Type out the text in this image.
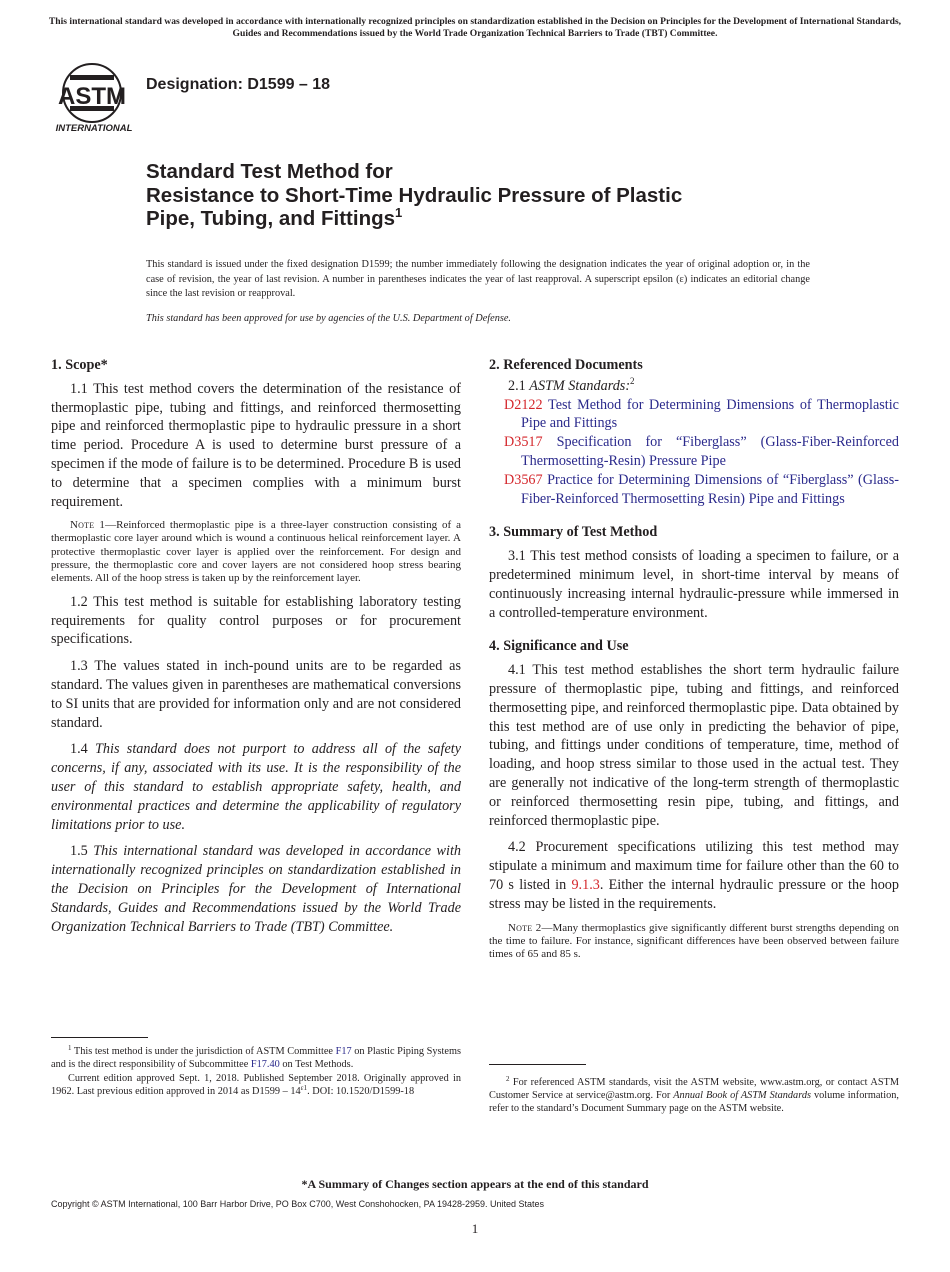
This international standard was developed in accordance with internationally recognized principles on standardization established in the Decision on Principles for the Development of International Standards, Guides and Recommendations issued by the World Trade Organization Technical Barriers to Trade (TBT) Committee.
ASTM
INTERNATIONAL
Designation: D1599 – 18
Standard Test Method for
Resistance to Short-Time Hydraulic Pressure of Plastic
Pipe, Tubing, and Fittings$^1$
This standard is issued under the fixed designation D1599; the number immediately following the designation indicates the year of original adoption or, in the case of revision, the year of last revision. A number in parentheses indicates the year of last reapproval. A superscript epsilon (ε) indicates an editorial change since the last revision or reapproval.
This standard has been approved for use by agencies of the U.S. Department of Defense.
1. Scope*
1.1 This test method covers the determination of the resistance of thermoplastic pipe, tubing and fittings, and reinforced thermosetting pipe and reinforced thermoplastic pipe to hydraulic pressure in a short time period. Procedure A is used to determine burst pressure of a specimen if the mode of failure is to be determined. Procedure B is used to determine that a specimen complies with a minimum burst requirement.
Note 1—Reinforced thermoplastic pipe is a three-layer construction consisting of a thermoplastic core layer around which is wound a continuous helical reinforcement layer. A protective thermoplastic cover layer is applied over the reinforcement. For design and pressure, the thermoplastic core and cover layers are not considered hoop stress bearing elements. All of the hoop stress is taken up by the reinforcement layer.
1.2 This test method is suitable for establishing laboratory testing requirements for quality control purposes or for procurement specifications.
1.3 The values stated in inch-pound units are to be regarded as standard. The values given in parentheses are mathematical conversions to SI units that are provided for information only and are not considered standard.
1.4 This standard does not purport to address all of the safety concerns, if any, associated with its use. It is the responsibility of the user of this standard to establish appropriate safety, health, and environmental practices and determine the applicability of regulatory limitations prior to use.
1.5 This international standard was developed in accordance with internationally recognized principles on standardization established in the Decision on Principles for the Development of International Standards, Guides and Recommendations issued by the World Trade Organization Technical Barriers to Trade (TBT) Committee.
$^1$ This test method is under the jurisdiction of ASTM Committee F17 on Plastic Piping Systems and is the direct responsibility of Subcommittee F17.40 on Test Methods.
Current edition approved Sept. 1, 2018. Published September 2018. Originally approved in 1962. Last previous edition approved in 2014 as $D1599 - 14^{\varepsilon 1}$. DOI: 10.1520/D1599-18
2. Referenced Documents
2.1 ASTM Standards:$^2$
D2122 Test Method for Determining Dimensions of Thermoplastic Pipe and Fittings
D3517 Specification for “Fiberglass” (Glass-Fiber-Reinforced Thermosetting-Resin) Pressure Pipe
D3567 Practice for Determining Dimensions of “Fiberglass” (Glass-Fiber-Reinforced Thermosetting Resin) Pipe and Fittings
3. Summary of Test Method
3.1 This test method consists of loading a specimen to failure, or a predetermined minimum level, in short-time interval by means of continuously increasing internal hydraulic-pressure while immersed in a controlled-temperature environment.
4. Significance and Use
4.1 This test method establishes the short term hydraulic failure pressure of thermoplastic pipe, tubing and fittings, and reinforced thermosetting pipe, and reinforced thermoplastic pipe. Data obtained by this test method are of use only in predicting the behavior of pipe, tubing, and fittings under conditions of temperature, time, method of loading, and hoop stress similar to those used in the actual test. They are generally not indicative of the long-term strength of thermoplastic or reinforced thermosetting resin pipe, tubing, and fittings, and reinforced thermoplastic pipe.
4.2 Procurement specifications utilizing this test method may stipulate a minimum and maximum time for failure other than the 60 to 70 s listed in 9.1.3. Either the internal hydraulic pressure or the hoop stress may be listed in the requirements.
Note 2—Many thermoplastics give significantly different burst strengths depending on the time to failure. For instance, significant differences have been observed between failure times of 65 and 85 s.
$^2$ For referenced ASTM standards, visit the ASTM website, www.astm.org, or contact ASTM Customer Service at service@astm.org. For Annual Book of ASTM Standards volume information, refer to the standard’s Document Summary page on the ASTM website.
*A Summary of Changes section appears at the end of this standard
Copyright © ASTM International, 100 Barr Harbor Drive, PO Box C700, West Conshohocken, PA 19428-2959. United States
1
